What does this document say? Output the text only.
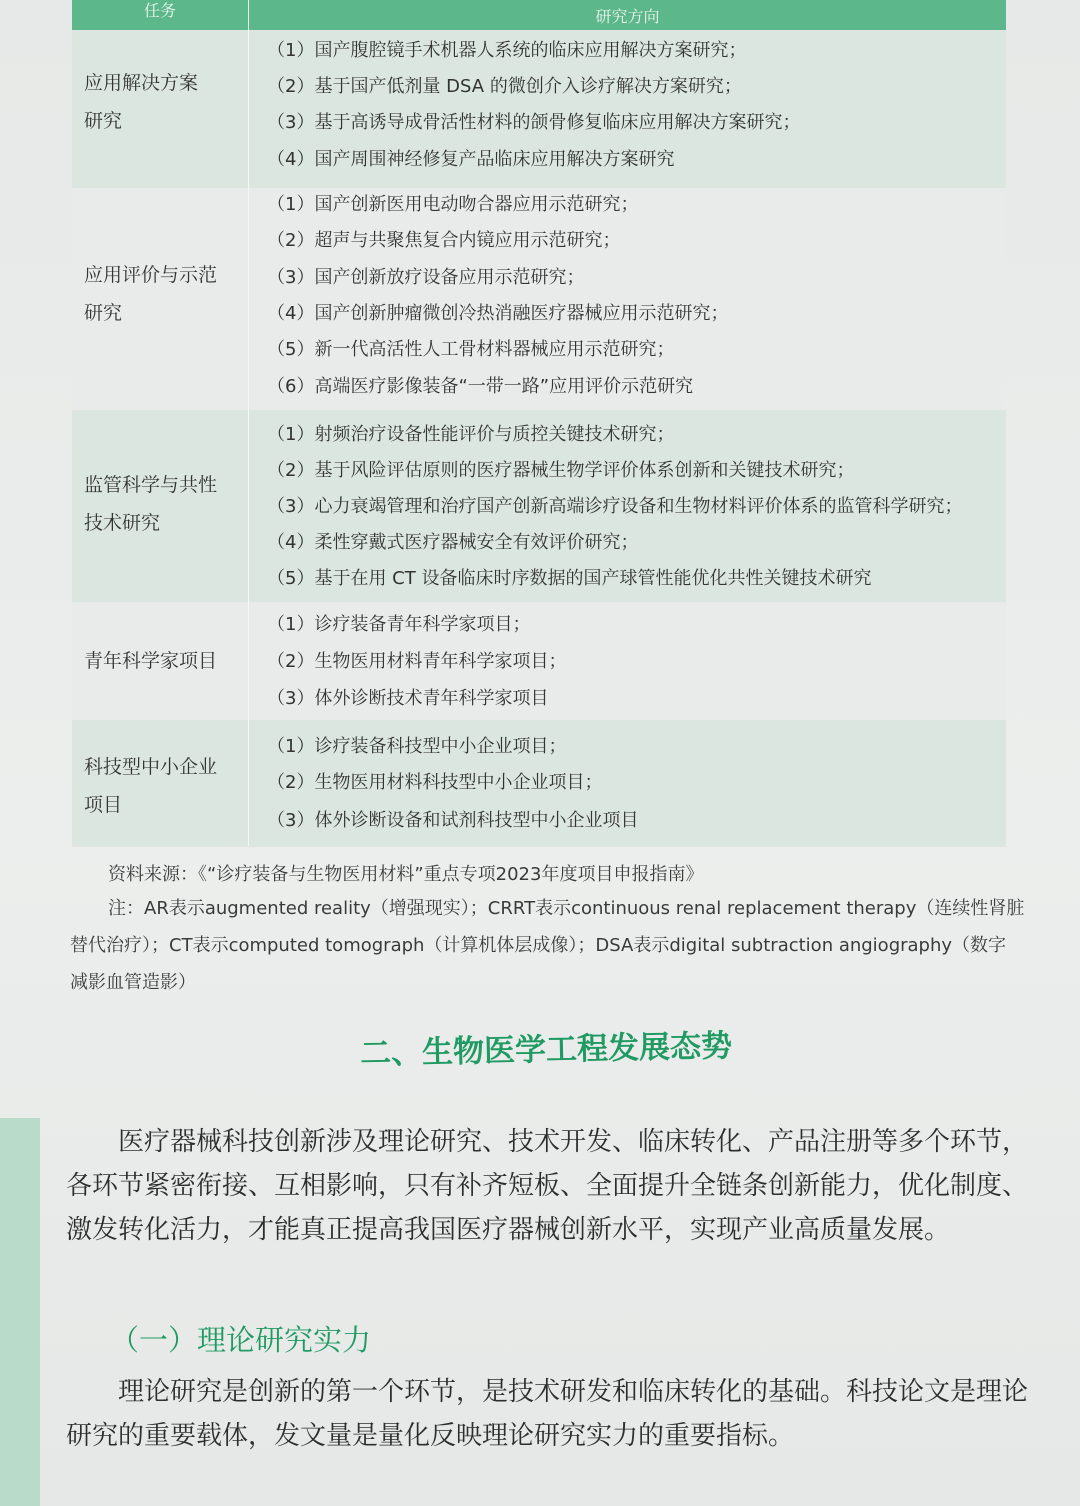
任务	研究方向
应用解决方案
研究
（1）国产腹腔镜手术机器人系统的临床应用解决方案研究；
（2）基于国产低剂量 DSA 的微创介入诊疗解决方案研究；
（3）基于高诱导成骨活性材料的颌骨修复临床应用解决方案研究；
（4）国产周围神经修复产品临床应用解决方案研究
应用评价与示范
研究
（1）国产创新医用电动吻合器应用示范研究；
（2）超声与共聚焦复合内镜应用示范研究；
（3）国产创新放疗设备应用示范研究；
（4）国产创新肿瘤微创冷热消融医疗器械应用示范研究；
（5）新一代高活性人工骨材料器械应用示范研究；
（6）高端医疗影像装备“一带一路”应用评价示范研究
监管科学与共性
技术研究
（1）射频治疗设备性能评价与质控关键技术研究；
（2）基于风险评估原则的医疗器械生物学评价体系创新和关键技术研究；
（3）心力衰竭管理和治疗国产创新高端诊疗设备和生物材料评价体系的监管科学研究；
（4）柔性穿戴式医疗器械安全有效评价研究；
（5）基于在用 CT 设备临床时序数据的国产球管性能优化共性关键技术研究
青年科学家项目
（1）诊疗装备青年科学家项目；
（2）生物医用材料青年科学家项目；
（3）体外诊断技术青年科学家项目
科技型中小企业
项目
（1）诊疗装备科技型中小企业项目；
（2）生物医用材料科技型中小企业项目；
（3）体外诊断设备和试剂科技型中小企业项目
资料来源：《“诊疗装备与生物医用材料”重点专项2023年度项目申报指南》
注：AR表示augmented reality（增强现实）；CRRT表示continuous renal replacement therapy（连续性肾脏
替代治疗）；CT表示computed tomograph（计算机体层成像）；DSA表示digital subtraction angiography（数字
减影血管造影）
二、生物医学工程发展态势
医疗器械科技创新涉及理论研究、技术开发、临床转化、产品注册等多个环节，
各环节紧密衔接、互相影响，只有补齐短板、全面提升全链条创新能力，优化制度、
激发转化活力，才能真正提高我国医疗器械创新水平，实现产业高质量发展。
（一）理论研究实力
理论研究是创新的第一个环节，是技术研发和临床转化的基础。科技论文是理论
研究的重要载体，发文量是量化反映理论研究实力的重要指标。
